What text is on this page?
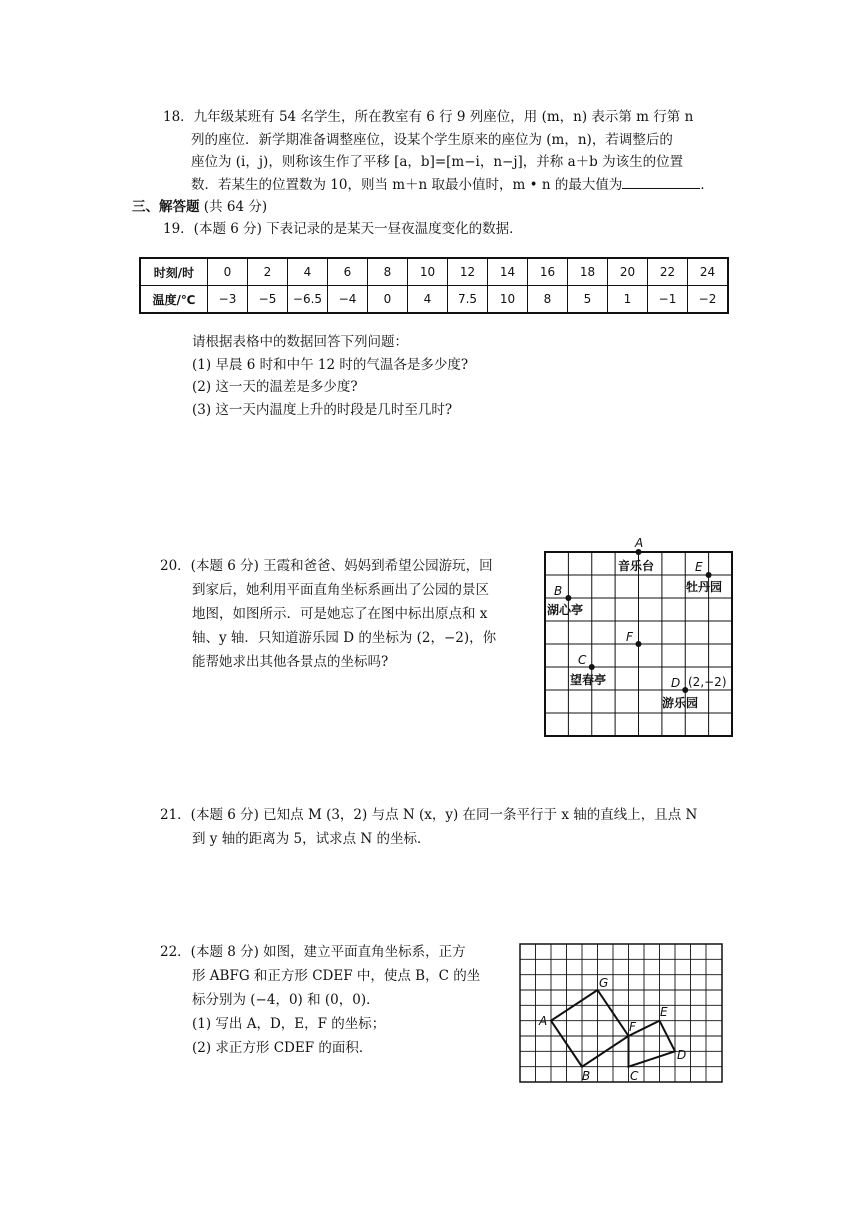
18．九年级某班有 54 名学生，所在教室有 6 行 9 列座位，用 (m，n) 表示第 m 行第 n
列的座位．新学期准备调整座位，设某个学生原来的座位为 (m，n)，若调整后的
座位为 (i，j)，则称该生作了平移 [a，b]=[m−i，n−j]，并称 a＋b 为该生的位置
数．若某生的位置数为 10，则当 m＋n 取最小值时，m • n 的最大值为	．
三、解答题 (共 64 分)
19．(本题 6 分) 下表记录的是某天一昼夜温度变化的数据．
时刻/时	0	2	4	6	8	10	12	14	16	18	20	22	24
温度/℃	−3	−5	−6.5	−4	0	4	7.5	10	8	5	1	−1	−2
请根据表格中的数据回答下列问题：
(1) 早晨 6 时和中午 12 时的气温各是多少度?
(2) 这一天的温差是多少度?
(3) 这一天内温度上升的时段是几时至几时?
20．(本题 6 分) 王霞和爸爸、妈妈到希望公园游玩，回
到家后，她利用平面直角坐标系画出了公园的景区
地图，如图所示．可是她忘了在图中标出原点和 x
轴、y 轴．只知道游乐园 D 的坐标为 (2，−2)，你
能帮她求出其他各景点的坐标吗?
A
音乐台
B
湖心亭
C
望春亭	D (2,−2)
游乐园
E
牡丹园
F
21．(本题 6 分) 已知点 M (3，2) 与点 N (x，y) 在同一条平行于 x 轴的直线上，且点 N
到 y 轴的距离为 5，试求点 N 的坐标．
22．(本题 8 分) 如图，建立平面直角坐标系，正方
形 ABFG 和正方形 CDEF 中，使点 B，C 的坐
标分别为 (−4，0) 和 (0，0)．
(1) 写出 A，D，E，F 的坐标；
(2) 求正方形 CDEF 的面积．
A
B	C
D
E
F
G
